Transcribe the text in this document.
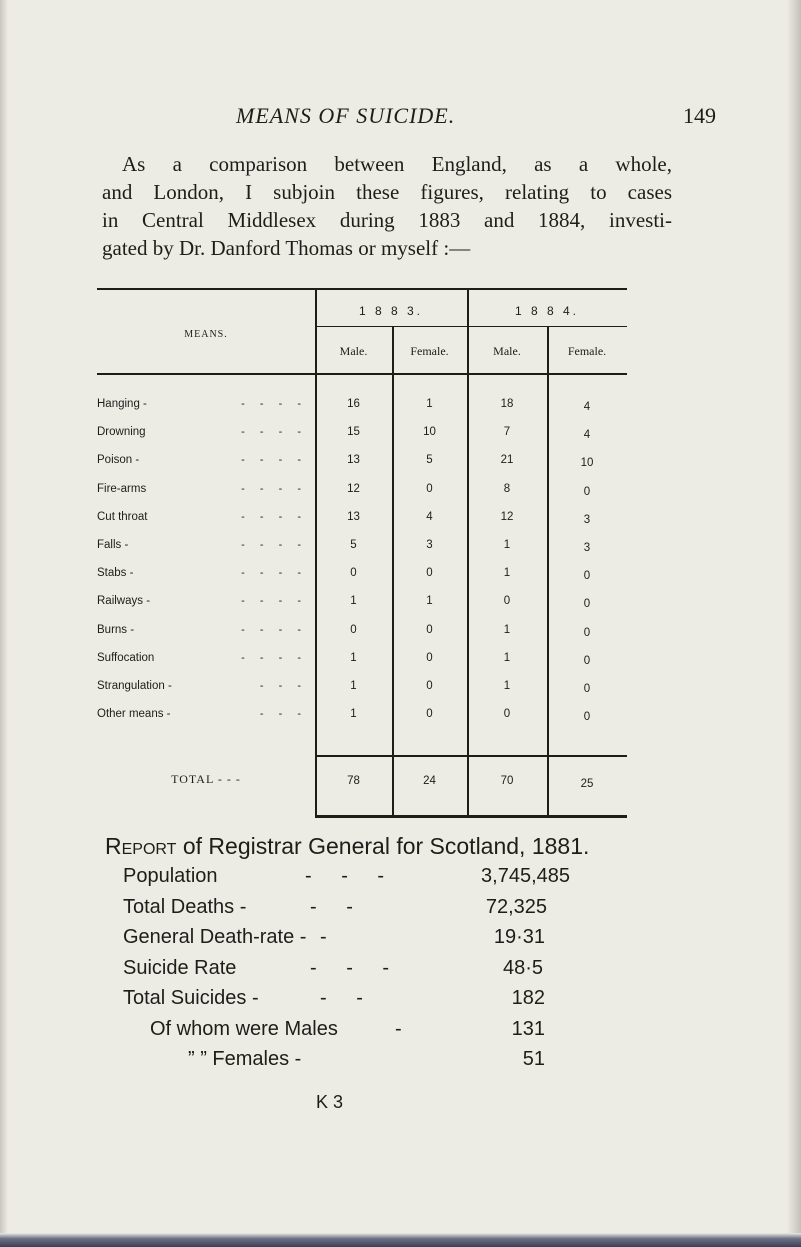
MEANS OF SUICIDE.	149
As a comparison between England, as a whole,
and London, I subjoin these figures, relating to cases
in Central Middlesex during 1883 and 1884, investi-
gated by Dr. Danford Thomas or myself :—
MEANS.
1 8 8 3.	1 8 8 4.
Male.	Female.	Male.	Female.
Hanging -	- - - -	16	1	18	4
Drowning	- - - -	15	10	7	4
Poison -	- - - -	13	5	21	10
Fire-arms	- - - -	12	0	8	0
Cut throat	- - - -	13	4	12	3
Falls -	- - - -	5	3	1	3
Stabs -	- - - -	0	0	1	0
Railways -	- - - -	1	1	0	0
Burns -	- - - -	0	0	1	0
Suffocation	- - - -	1	0	1	0
Strangulation -	- - -	1	0	1	0
Other means -	- - -	1	0	0	0
TOTAL - - -	78	24	70	25
Report of Registrar General for Scotland, 1881.
Population	- - -	3,745,485
Total Deaths -	- -	72,325
General Death-rate - -	19·31
Suicide Rate	- - -	48·5
Total Suicides -	- -	182
Of whom were Males	-	131
” ” Females -	51
K 3
